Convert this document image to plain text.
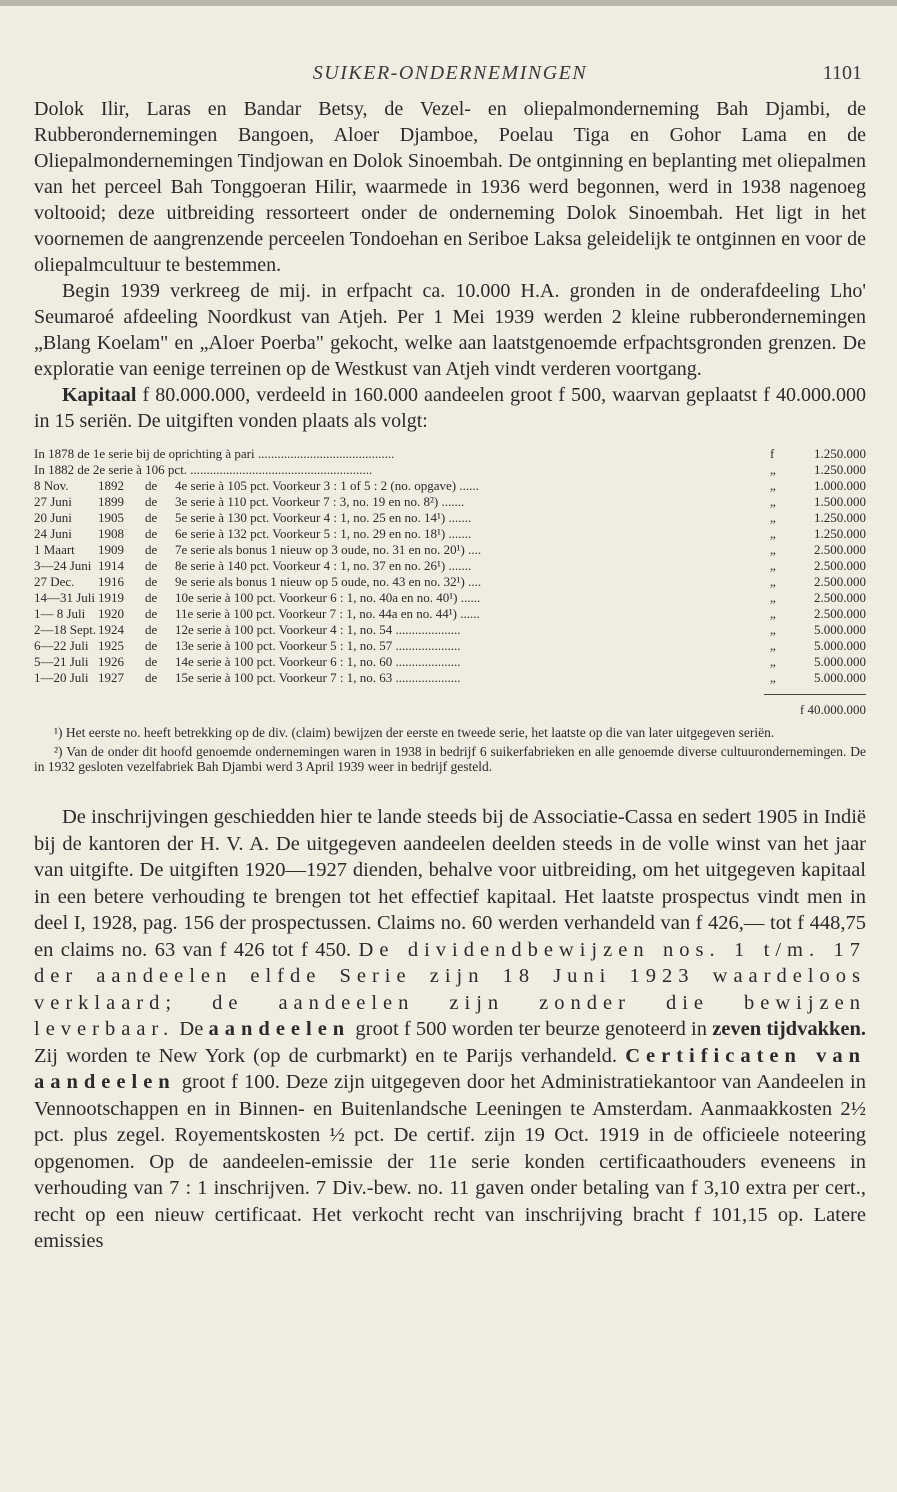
SUIKER-ONDERNEMINGEN	1101

Dolok Ilir, Laras en Bandar Betsy, de Vezel- en oliepalmonderneming Bah Djambi, de Rubberondernemingen Bangoen, Aloer Djamboe, Poelau Tiga en Gohor Lama en de Oliepalmondernemingen Tindjowan en Dolok Sinoembah. De ontginning en beplanting met oliepalmen van het perceel Bah Tonggoeran Hilir, waarmede in 1936 werd begonnen, werd in 1938 nagenoeg voltooid; deze uitbreiding ressorteert onder de onderneming Dolok Sinoembah. Het ligt in het voornemen de aangrenzende perceelen Tondoehan en Seriboe Laksa geleidelijk te ontginnen en voor de oliepalmcultuur te bestemmen.

Begin 1939 verkreeg de mij. in erfpacht ca. 10.000 H.A. gronden in de onderafdeeling Lho' Seumaroé afdeeling Noordkust van Atjeh. Per 1 Mei 1939 werden 2 kleine rubberondernemingen „Blang Koelam" en „Aloer Poerba" gekocht, welke aan laatstgenoemde erfpachtsgronden grenzen. De exploratie van eenige terreinen op de Westkust van Atjeh vindt verderen voortgang.

Kapitaal f 80.000.000, verdeeld in 160.000 aandeelen groot f 500, waarvan geplaatst f 40.000.000 in 15 seriën. De uitgiften vonden plaats als volgt:

In 1878 de 1e serie bij de oprichting à pari ..........................................	f	1.250.000
In 1882 de 2e serie à 106 pct. ........................................................	„	1.250.000
8 Nov.	1892	de	4e serie à 105 pct. Voorkeur 3 : 1 of 5 : 2 (no. opgave) ......	„	1.000.000
27 Juni	1899	de	3e serie à 110 pct. Voorkeur 7 : 3, no. 19 en no. 8²) .......	„	1.500.000
20 Juni	1905	de	5e serie à 130 pct. Voorkeur 4 : 1, no. 25 en no. 14¹) .......	„	1.250.000
24 Juni	1908	de	6e serie à 132 pct. Voorkeur 5 : 1, no. 29 en no. 18¹) .......	„	1.250.000
1 Maart	1909	de	7e serie als bonus 1 nieuw op 3 oude, no. 31 en no. 20¹) ....	„	2.500.000
3—24 Juni 1914	de	8e serie à 140 pct. Voorkeur 4 : 1, no. 37 en no. 26¹) .......	„	2.500.000
27 Dec.	1916	de	9e serie als bonus 1 nieuw op 5 oude, no. 43 en no. 32¹) ....	„	2.500.000
14—31 Juli 1919	de	10e serie à 100 pct. Voorkeur 6 : 1, no. 40a en no. 40¹) ......	„	2.500.000
1— 8 Juli 1920	de	11e serie à 100 pct. Voorkeur 7 : 1, no. 44a en no. 44¹) ......	„	2.500.000
2—18 Sept. 1924	de	12e serie à 100 pct. Voorkeur 4 : 1, no. 54 ....................	„	5.000.000
6—22 Juli 1925	de	13e serie à 100 pct. Voorkeur 5 : 1, no. 57 ....................	„	5.000.000
5—21 Juli 1926	de	14e serie à 100 pct. Voorkeur 6 : 1, no. 60 ....................	„	5.000.000
1—20 Juli 1927	de	15e serie à 100 pct. Voorkeur 7 : 1, no. 63 ....................	„	5.000.000
f 40.000.000

¹) Het eerste no. heeft betrekking op de div. (claim) bewijzen der eerste en tweede serie, het laatste op die van later uitgegeven seriën.

²) Van de onder dit hoofd genoemde ondernemingen waren in 1938 in bedrijf 6 suikerfabrieken en alle genoemde diverse cultuurondernemingen. De in 1932 gesloten vezelfabriek Bah Djambi werd 3 April 1939 weer in bedrijf gesteld.

De inschrijvingen geschiedden hier te lande steeds bij de Associatie-Cassa en sedert 1905 in Indië bij de kantoren der H. V. A. De uitgegeven aandeelen deelden steeds in de volle winst van het jaar van uitgifte. De uitgiften 1920—1927 dienden, behalve voor uitbreiding, om het uitgegeven kapitaal in een betere verhouding te brengen tot het effectief kapitaal. Het laatste prospectus vindt men in deel I, 1928, pag. 156 der prospectussen. Claims no. 60 werden verhandeld van f 426,— tot f 448,75 en claims no. 63 van f 426 tot f 450. De dividendbewijzen nos. 1 t/m. 17 der aandeelen elfde Serie zijn 18 Juni 1923 waardeloos verklaard; de aandeelen zijn zonder die bewijzen leverbaar. De aandeelen groot f 500 worden ter beurze genoteerd in zeven tijdvakken. Zij worden te New York (op de curbmarkt) en te Parijs verhandeld. Certificaten van aandeelen groot f 100. Deze zijn uitgegeven door het Administratiekantoor van Aandeelen in Vennootschappen en in Binnen- en Buitenlandsche Leeningen te Amsterdam. Aanmaakkosten 2½ pct. plus zegel. Royementskosten ½ pct. De certif. zijn 19 Oct. 1919 in de officieele noteering opgenomen. Op de aandeelen-emissie der 11e serie konden certificaathouders eveneens in verhouding van 7 : 1 inschrijven. 7 Div.-bew. no. 11 gaven onder betaling van f 3,10 extra per cert., recht op een nieuw certificaat. Het verkocht recht van inschrijving bracht f 101,15 op. Latere emissies
